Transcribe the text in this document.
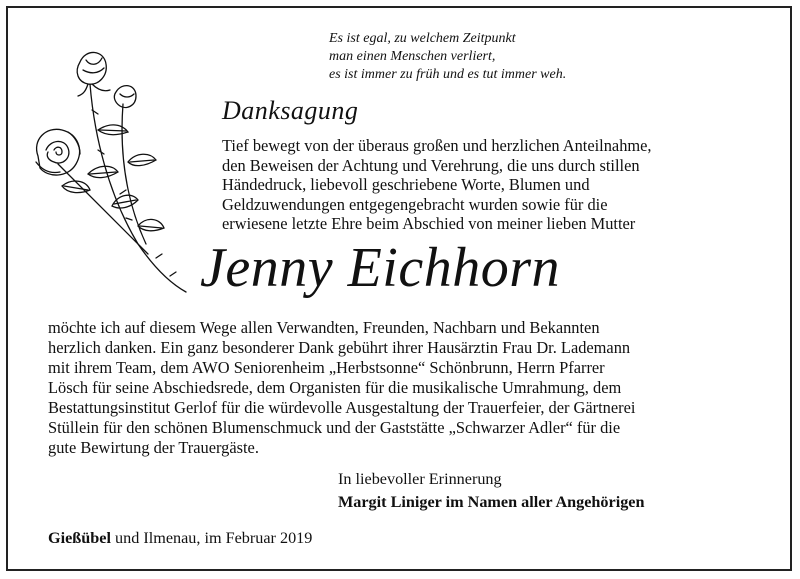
Es ist egal, zu welchem Zeitpunkt
man einen Menschen verliert,
es ist immer zu früh und es tut immer weh.
Danksagung
Tief bewegt von der überaus großen und herzlichen Anteilnahme,
den Beweisen der Achtung und Verehrung, die uns durch stillen
Händedruck, liebevoll geschriebene Worte, Blumen und
Geldzuwendungen entgegengebracht wurden sowie für die
erwiesene letzte Ehre beim Abschied von meiner lieben Mutter
Jenny Eichhorn
möchte ich auf diesem Wege allen Verwandten, Freunden, Nachbarn und Bekannten
herzlich danken. Ein ganz besonderer Dank gebührt ihrer Hausärztin Frau Dr. Lademann
mit ihrem Team, dem AWO Seniorenheim „Herbstsonne“ Schönbrunn, Herrn Pfarrer
Lösch für seine Abschiedsrede, dem Organisten für die musikalische Umrahmung, dem
Bestattungsinstitut Gerlof für die würdevolle Ausgestaltung der Trauerfeier, der Gärtnerei
Stüllein für den schönen Blumenschmuck und der Gaststätte „Schwarzer Adler“ für die
gute Bewirtung der Trauergäste.
In liebevoller Erinnerung
Margit Liniger im Namen aller Angehörigen
Gießübel und Ilmenau, im Februar 2019
